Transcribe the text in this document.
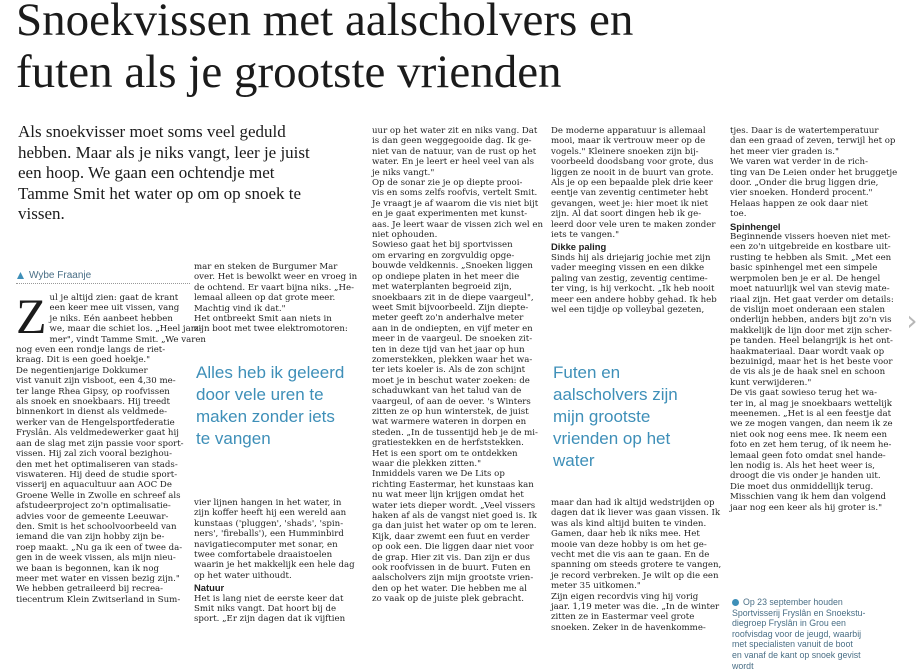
Snoekvissen met aalscholvers en
futen als je grootste vrienden
Als snoekvisser moet soms veel geduld
hebben. Maar als je niks vangt, leer je juist
een hoop. We gaan een ochtendje met
Tamme Smit het water op om op snoek te
vissen.
Wybe Fraanje
Z ul je altijd zien: gaat de krant
een keer mee uit vissen, vang
je niks. Eén aanbeet hebben
we, maar die schiet los. „Heel jam-
mer", vindt Tamme Smit. „We varen
nog even een rondje langs de riet-
kraag. Dit is een goed hoekje."
De negentienjarige Dokkumer
vist vanuit zijn visboot, een 4,30 me-
ter lange Rhea Gipsy, op roofvissen
als snoek en snoekbaars. Hij treedt
binnenkort in dienst als veldmede-
werker van de Hengelsportfederatie
Fryslân. Als veldmedewerker gaat hij
aan de slag met zijn passie voor sport-
vissen. Hij zal zich vooral bezighou-
den met het optimaliseren van stads-
viswateren. Hij deed de studie sport-
visserij en aquacultuur aan AOC De
Groene Welle in Zwolle en schreef als
afstudeerproject zo'n optimalisatie-
advies voor de gemeente Leeuwar-
den. Smit is het schoolvoorbeeld van
iemand die van zijn hobby zijn be-
roep maakt. „Nu ga ik een of twee da-
gen in de week vissen, als mijn nieu-
we baan is begonnen, kan ik nog
meer met water en vissen bezig zijn."
We hebben getraileerd bij recrea-
tiecentrum Klein Zwitserland in Sum-
mar en steken de Burgumer Mar
over. Het is bewolkt weer en vroeg in
de ochtend. Er vaart bijna niks. „He-
lemaal alleen op dat grote meer.
Machtig vind ik dat."
Het ontbreekt Smit aan niets in
zijn boot met twee elektromotoren:
Alles heb ik geleerd
door vele uren te
maken zonder iets
te vangen
vier lijnen hangen in het water, in
zijn koffer heeft hij een wereld aan
kunstaas ('pluggen', 'shads', 'spin-
ners', 'fireballs'), een Humminbird
navigatiecomputer met sonar, en
twee comfortabele draaistoelen
waarin je het makkelijk een hele dag
op het water uithoudt.
Natuur
Het is lang niet de eerste keer dat
Smit niks vangt. Dat hoort bij de
sport. „Er zijn dagen dat ik vijftien
uur op het water zit en niks vang. Dat
is dan geen weggegooide dag. Ik ge-
niet van de natuur, van de rust op het
water. En je leert er heel veel van als
je niks vangt."
Op de sonar zie je op diepte prooi-
vis en soms zelfs roofvis, vertelt Smit.
Je vraagt je af waarom die vis niet bijt
en je gaat experimenten met kunst-
aas. Je leert waar de vissen zich wel en
niet ophouden.
Sowieso gaat het bij sportvissen
om ervaring en zorgvuldig opge-
bouwde veldkennis. „Snoeken liggen
op ondiepe platen in het meer die
met waterplanten begroeid zijn,
snoekbaars zit in de diepe vaargeul",
weet Smit bijvoorbeeld. Zijn diepte-
meter geeft zo'n anderhalve meter
aan in de ondiepten, en vijf meter en
meer in de vaargeul. De snoeken zit-
ten in deze tijd van het jaar op hun
zomerstekken, plekken waar het wa-
ter iets koeler is. Als de zon schijnt
moet je in beschut water zoeken: de
schaduwkant van het talud van de
vaargeul, of aan de oever. 's Winters
zitten ze op hun winterstek, de juist
wat warmere wateren in dorpen en
steden. „In de tussentijd heb je de mi-
gratiestekken en de herfststekken.
Het is een sport om te ontdekken
waar die plekken zitten."
Inmiddels varen we De Lits op
richting Eastermar, het kunstaas kan
nu wat meer lijn krijgen omdat het
water iets dieper wordt. „Veel vissers
haken af als de vangst niet goed is. Ik
ga dan juist het water op om te leren.
Kijk, daar zwemt een fuut en verder
op ook een. Die liggen daar niet voor
de grap. Hier zit vis. Dan zijn er dus
ook roofvissen in de buurt. Futen en
aalscholvers zijn mijn grootste vrien-
den op het water. Die hebben me al
zo vaak op de juiste plek gebracht.
De moderne apparatuur is allemaal
mooi, maar ik vertrouw meer op de
vogels." Kleinere snoeken zijn bij-
voorbeeld doodsbang voor grote, dus
liggen ze nooit in de buurt van grote.
Als je op een bepaalde plek drie keer
eentje van zeventig centimeter hebt
gevangen, weet je: hier moet ik niet
zijn. Al dat soort dingen heb ik ge-
leerd door vele uren te maken zonder
iets te vangen."
Dikke paling
Sinds hij als driejarig jochie met zijn
vader meeging vissen en een dikke
paling van zestig, zeventig centime-
ter ving, is hij verkocht. „Ik heb nooit
meer een andere hobby gehad. Ik heb
wel een tijdje op volleybal gezeten,
Futen en
aalscholvers zijn
mijn grootste
vrienden op het
water
maar dan had ik altijd wedstrijden op
dagen dat ik liever was gaan vissen. Ik
was als kind altijd buiten te vinden.
Gamen, daar heb ik niks mee. Het
mooie van deze hobby is om het ge-
vecht met die vis aan te gaan. En de
spanning om steeds grotere te vangen,
je record verbreken. Je wilt op die een
meter 35 uitkomen."
Zijn eigen recordvis ving hij vorig
jaar. 1,19 meter was die. „In de winter
zitten ze in Eastermar veel grote
snoeken. Zeker in de havenkomme-
tjes. Daar is de watertemperatuur
dan een graad of zeven, terwijl het op
het meer vier graden is."
We varen wat verder in de rich-
ting van De Leien onder het bruggetje
door. „Onder die brug liggen drie,
vier snoeken. Honderd procent."
Helaas happen ze ook daar niet
toe.
Spinhengel
Beginnende vissers hoeven niet met-
een zo'n uitgebreide en kostbare uit-
rusting te hebben als Smit. „Met een
basic spinhengel met een simpele
werpmolen ben je er al. De hengel
moet natuurlijk wel van stevig mate-
riaal zijn. Het gaat verder om details:
de vislijn moet onderaan een stalen
onderlijn hebben, anders bijt zo'n vis
makkelijk de lijn door met zijn scher-
pe tanden. Heel belangrijk is het ont-
haakmateriaal. Daar wordt vaak op
bezuinigd, maar het is het beste voor
de vis als je de haak snel en schoon
kunt verwijderen."
De vis gaat sowieso terug het wa-
ter in, al mag je snoekbaars wettelijk
meenemen. „Het is al een feestje dat
we ze mogen vangen, dan neem ik ze
niet ook nog eens mee. Ik neem een
foto en zet hem terug, of ik neem he-
lemaal geen foto omdat snel hande-
len nodig is. Als het heet weer is,
droogt die vis onder je handen uit.
Die moet dus onmiddellijk terug.
Misschien vang ik hem dan volgend
jaar nog een keer als hij groter is."
Op 23 september houden
Sportvisserij Fryslân en Snoekstu-
diegroep Fryslân in Grou een
roofvisdag voor de jeugd, waarbij
met specialisten vanuit de boot
en vanaf de kant op snoek gevist
wordt
›
